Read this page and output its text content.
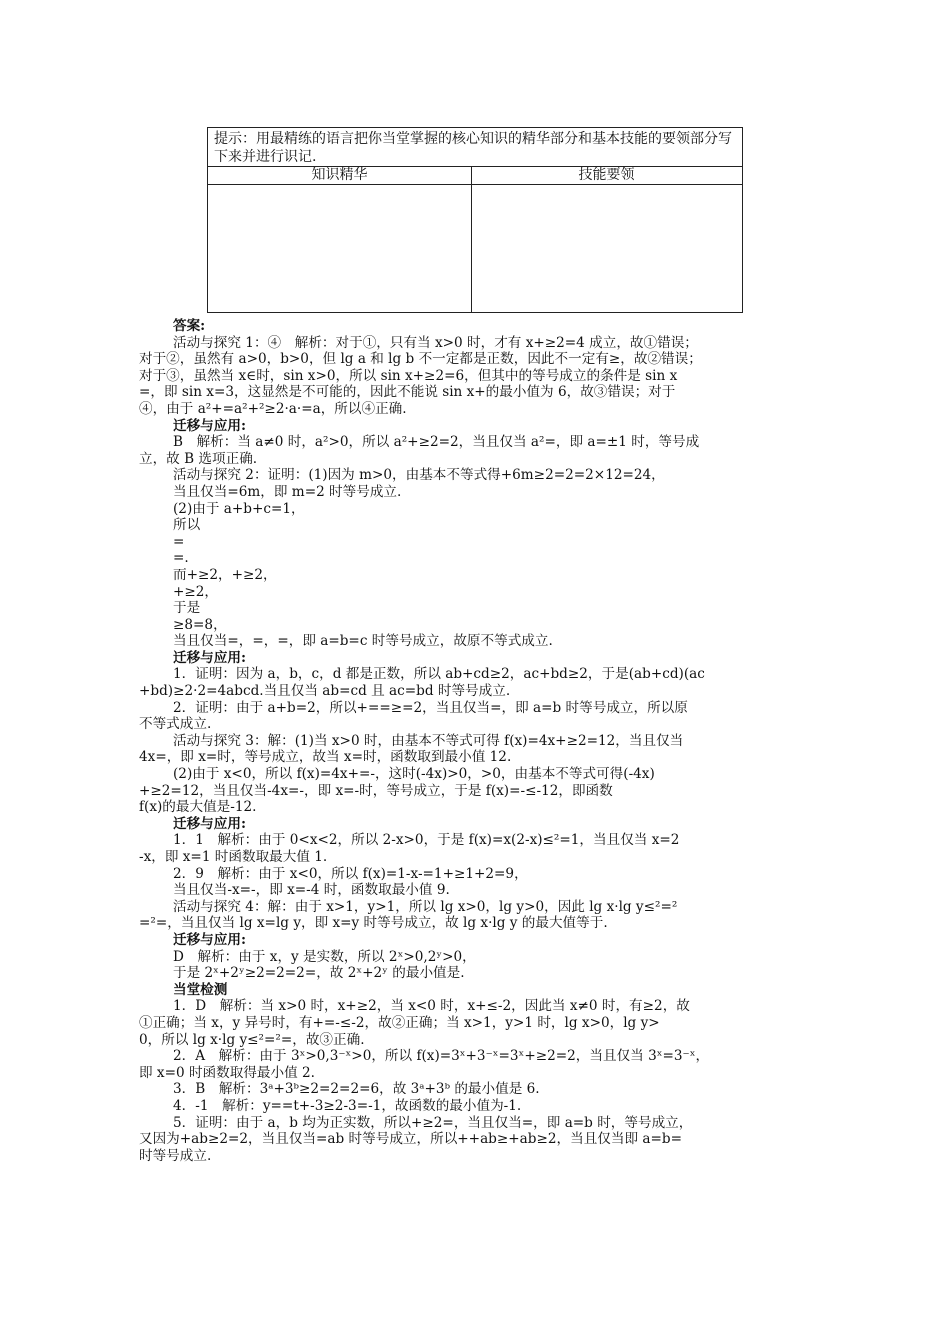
提示：用最精练的语言把你当堂掌握的核心知识的精华部分和基本技能的要领部分写下来并进行识记.
知识精华	技能要领
答案:
活动与探究 1：④　解析：对于①，只有当 x>0 时，才有 x+≥2=4 成立，故①错误；
对于②，虽然有 a>0，b>0，但 lg a 和 lg b 不一定都是正数，因此不一定有≥，故②错误；
对于③，虽然当 x∈时，sin x>0，所以 sin x+≥2=6，但其中的等号成立的条件是 sin x
=，即 sin x=3，这显然是不可能的，因此不能说 sin x+的最小值为 6，故③错误；对于
④，由于 a²+=a²+²≥2·a·=a，所以④正确.
迁移与应用:
B　解析：当 a≠0 时，a²>0，所以 a²+≥2=2，当且仅当 a²=，即 a=±1 时，等号成
立，故 B 选项正确.
活动与探究 2：证明：(1)因为 m>0，由基本不等式得+6m≥2=2=2×12=24，
当且仅当=6m，即 m=2 时等号成立.
(2)由于 a+b+c=1，
所以
=
=.
而+≥2，+≥2，
+≥2，
于是
≥8=8，
当且仅当=，=，=，即 a=b=c 时等号成立，故原不等式成立.
迁移与应用:
1．证明：因为 a，b，c，d 都是正数，所以 ab+cd≥2，ac+bd≥2，于是(ab+cd)(ac
+bd)≥2·2=4abcd.当且仅当 ab=cd 且 ac=bd 时等号成立.
2．证明：由于 a+b=2，所以+==≥=2，当且仅当=，即 a=b 时等号成立，所以原
不等式成立.
活动与探究 3：解：(1)当 x>0 时，由基本不等式可得 f(x)=4x+≥2=12，当且仅当
4x=，即 x=时，等号成立，故当 x=时，函数取到最小值 12.
(2)由于 x<0，所以 f(x)=4x+=-，这时(-4x)>0，>0，由基本不等式可得(-4x)
+≥2=12，当且仅当-4x=-，即 x=-时，等号成立，于是 f(x)=-≤-12，即函数
f(x)的最大值是-12.
迁移与应用:
1．1　解析：由于 0<x<2，所以 2-x>0，于是 f(x)=x(2-x)≤²=1，当且仅当 x=2
-x，即 x=1 时函数取最大值 1.
2．9　解析：由于 x<0，所以 f(x)=1-x-=1+≥1+2=9，
当且仅当-x=-，即 x=-4 时，函数取最小值 9.
活动与探究 4：解：由于 x>1，y>1，所以 lg x>0，lg y>0，因此 lg x·lg y≤²=²
=²=，当且仅当 lg x=lg y，即 x=y 时等号成立，故 lg x·lg y 的最大值等于.
迁移与应用:
D　解析：由于 x，y 是实数，所以 2ˣ>0,2ʸ>0，
于是 2ˣ+2ʸ≥2=2=2=，故 2ˣ+2ʸ 的最小值是.
当堂检测
1．D　解析：当 x>0 时，x+≥2，当 x<0 时，x+≤-2，因此当 x≠0 时，有≥2，故
①正确；当 x，y 异号时，有+=-≤-2，故②正确；当 x>1，y>1 时，lg x>0，lg y>
0，所以 lg x·lg y≤²=²=，故③正确.
2．A　解析：由于 3ˣ>0,3⁻ˣ>0，所以 f(x)=3ˣ+3⁻ˣ=3ˣ+≥2=2，当且仅当 3ˣ=3⁻ˣ，
即 x=0 时函数取得最小值 2.
3．B　解析：3ᵃ+3ᵇ≥2=2=2=6，故 3ᵃ+3ᵇ 的最小值是 6.
4．-1　解析：y==t+-3≥2-3=-1，故函数的最小值为-1.
5．证明：由于 a，b 均为正实数，所以+≥2=，当且仅当=，即 a=b 时，等号成立，
又因为+ab≥2=2，当且仅当=ab 时等号成立，所以++ab≥+ab≥2，当且仅当即 a=b=
时等号成立.
